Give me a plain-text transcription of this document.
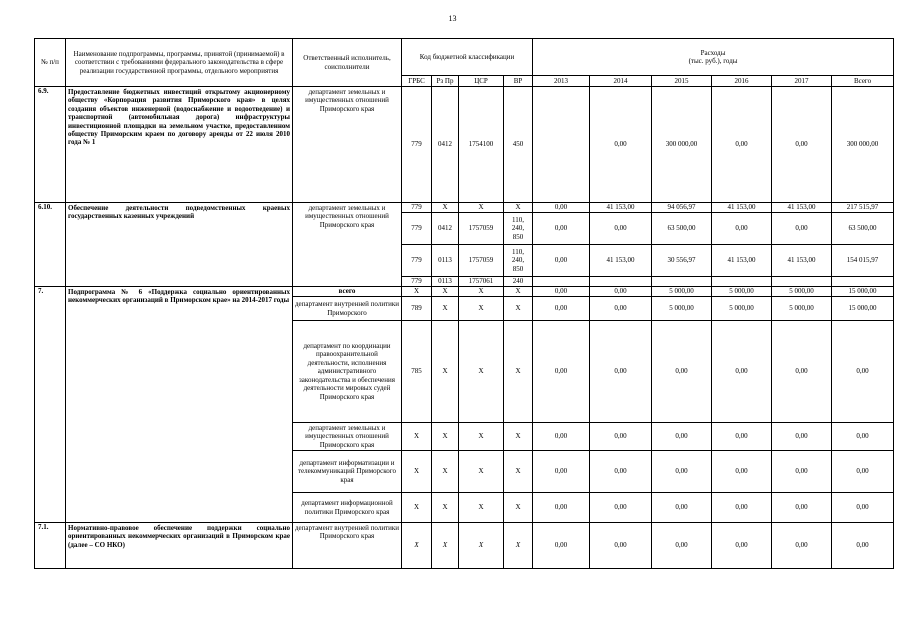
13
№ п/п	Наименование подпрограммы, программы, принятой (принимаемой) в соответствии с требованиями федерального законодательства в сфере реализации государственной программы, отдельного мероприятия	Ответственный исполнитель, соисполнители	Код бюджетной классификации				Расходы
(тыс. руб.), годы					
			ГРБС	Рз Пр	ЦСР	ВР	2013	2014	2015	2016	2017	Всего
6.9.	Предоставление бюджетных инвестиций открытому акционерному обществу «Корпорация развития Приморского края» в целях создания объектов инженерной (водоснабжение и водоотведение) и транспортной (автомобильная дорога) инфраструктуры инвестиционной площадки на земельном участке, предоставленном обществу Приморским краем по договору аренды от 22 июля 2010 года № 1	департамент земельных и имущественных отношений Приморского края	779	0412	1754100	450		0,00	300 000,00	0,00	0,00	300 000,00
6.10.	Обеспечение деятельности подведомственных краевых государственных казенных учреждений	департамент земельных и имущественных отношений Приморского края	779	X	X	X	0,00	41 153,00	94 056,97	41 153,00	41 153,00	217 515,97
			779	0412	1757059	110,
240,
850	0,00	0,00	63 500,00	0,00	0,00	63 500,00
			779	0113	1757059	110,
240,
850	0,00	41 153,00	30 556,97	41 153,00	41 153,00	154 015,97
			779	0113	1757061	240						
7.	Подпрограмма № 6 «Поддержка социально ориентированных некоммерческих организаций в Приморском крае» на 2014-2017 годы	всего	X	X	X	X	0,00	0,00	5 000,00	5 000,00	5 000,00	15 000,00
		департамент внутренней политики Приморского	789	X	X	X	0,00	0,00	5 000,00	5 000,00	5 000,00	15 000,00
		департамент по координации правоохранительной деятельности, исполнения административного законодательства и обеспечения деятельности мировых судей Приморского края	785	X	X	X	0,00	0,00	0,00	0,00	0,00	0,00
		департамент земельных и имущественных отношений Приморского края	X	X	X	X	0,00	0,00	0,00	0,00	0,00	0,00
		департамент информатизации и телекоммуникаций Приморского края	X	X	X	X	0,00	0,00	0,00	0,00	0,00	0,00
		департамент информационной политики Приморского края	X	X	X	X	0,00	0,00	0,00	0,00	0,00	0,00
7.1.	Нормативно-правовое обеспечение поддержки социально ориентированных некоммерческих организаций в Приморском крае (далее – СО НКО)	департамент внутренней политики Приморского края	X	X	X	X	0,00	0,00	0,00	0,00	0,00	0,00
